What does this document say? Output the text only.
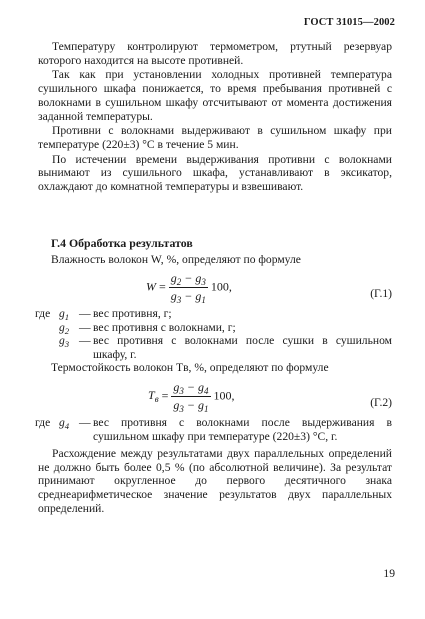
ГОСТ 31015—2002

Температуру контролируют термометром, ртутный резервуар которого находится на высоте противней.

Так как при установлении холодных противней температура сушильного шкафа понижается, то время пребывания противней с волокнами в сушильном шкафу отсчитывают от момента достижения заданной температуры.

Противни с волокнами выдерживают в сушильном шкафу при температуре (220±3) °С в течение 5 мин.

По истечении времени выдерживания противни с волокнами вынимают из сушильного шкафа, устанавливают в эксикатор, охлаждают до комнатной температуры и взвешивают.

Г.4 Обработка результатов
Влажность волокон W, %, определяют по формуле
$W = \frac{g_2 - g_3}{g_3 - g_1} 100$,
(Г.1)
где $g_1$ — вес противня, г;
$g_2$ — вес противня с волокнами, г;
$g_3$ — вес противня с волокнами после сушки в сушильном шкафу, г.
Термостойкость волокон Tв, %, определяют по формуле
$T_в = \frac{g_3 - g_4}{g_3 - g_1} 100$,
(Г.2)
где $g_4$ — вес противня с волокнами после выдерживания в сушильном шкафу при температуре (220±3) °С, г.

Расхождение между результатами двух параллельных определений не должно быть более 0,5 % (по абсолютной величине). За результат принимают округленное до первого десятичного знака среднеарифметическое значение результатов двух параллельных определений.

19
